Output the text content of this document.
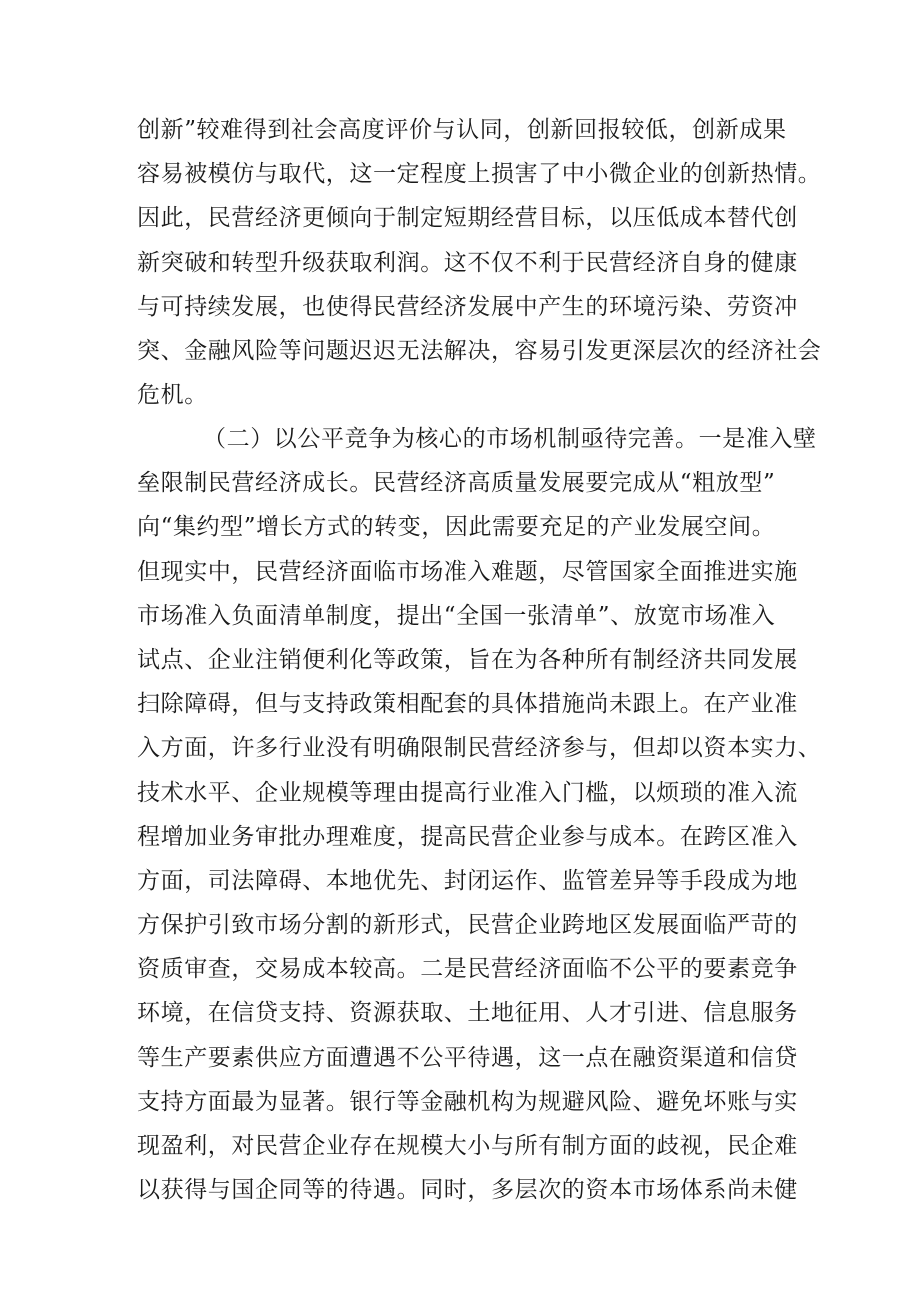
创新”较难得到社会高度评价与认同，创新回报较低，创新成果
容易被模仿与取代，这一定程度上损害了中小微企业的创新热情。
因此，民营经济更倾向于制定短期经营目标，以压低成本替代创
新突破和转型升级获取利润。这不仅不利于民营经济自身的健康
与可持续发展，也使得民营经济发展中产生的环境污染、劳资冲
突、金融风险等问题迟迟无法解决，容易引发更深层次的经济社会
危机。
（二）以公平竞争为核心的市场机制亟待完善。一是准入壁
垒限制民营经济成长。民营经济高质量发展要完成从“粗放型”
向“集约型”增长方式的转变，因此需要充足的产业发展空间。
但现实中，民营经济面临市场准入难题，尽管国家全面推进实施
市场准入负面清单制度，提出“全国一张清单”、放宽市场准入
试点、企业注销便利化等政策，旨在为各种所有制经济共同发展
扫除障碍，但与支持政策相配套的具体措施尚未跟上。在产业准
入方面，许多行业没有明确限制民营经济参与，但却以资本实力、
技术水平、企业规模等理由提高行业准入门槛，以烦琐的准入流
程增加业务审批办理难度，提高民营企业参与成本。在跨区准入
方面，司法障碍、本地优先、封闭运作、监管差异等手段成为地
方保护引致市场分割的新形式，民营企业跨地区发展面临严苛的
资质审查，交易成本较高。二是民营经济面临不公平的要素竞争
环境，在信贷支持、资源获取、土地征用、人才引进、信息服务
等生产要素供应方面遭遇不公平待遇，这一点在融资渠道和信贷
支持方面最为显著。银行等金融机构为规避风险、避免坏账与实
现盈利，对民营企业存在规模大小与所有制方面的歧视，民企难
以获得与国企同等的待遇。同时，多层次的资本市场体系尚未健
